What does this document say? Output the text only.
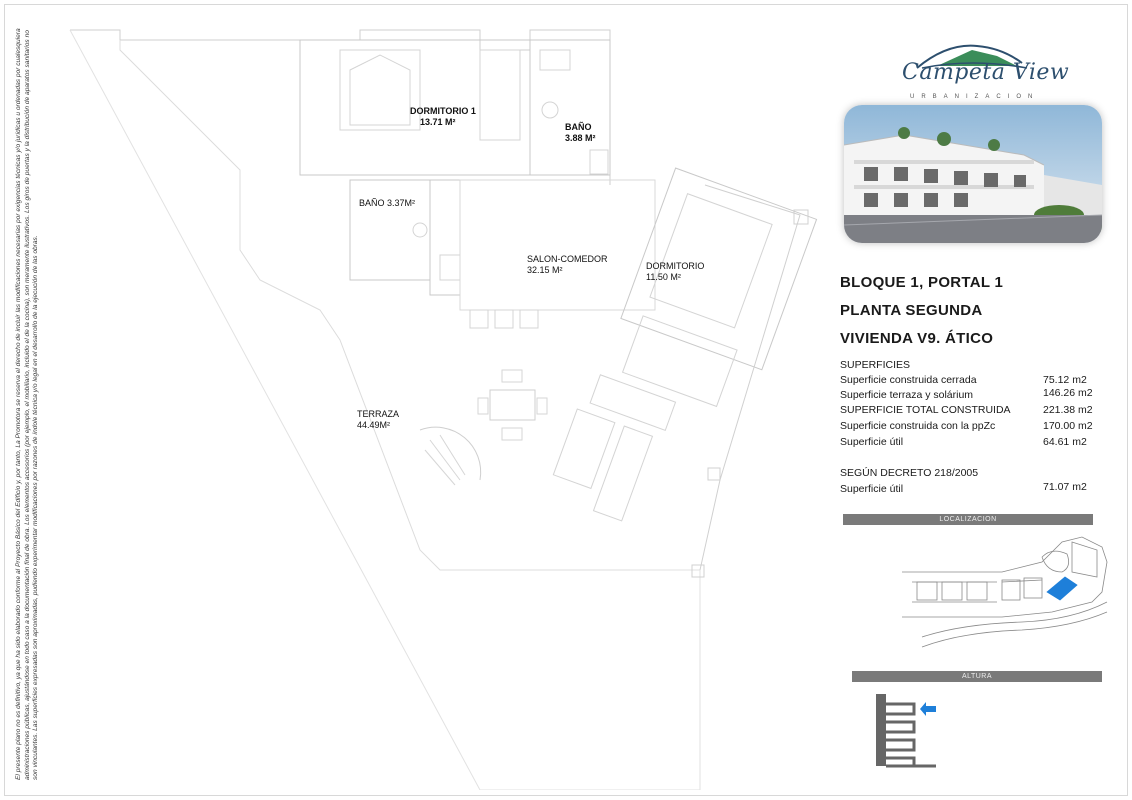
El presente plano no es definitivo, ya que ha sido elaborado conforme al Proyecto Básico del Edificio y, por tanto, La Promotora se reserva el derecho de incluir las modificaciones necesarias por exigencias técnicas y/o jurídicas u ordenadas por cualesquiera administraciones públicas, ajustándose en todo caso a la documentación final de obra. Los elementos accesorios (por ejemplo, el mobiliario, incluido el de la cocina), son meramente ilustrativos. Los giros de puertas y la distribución de aparatos sanitarios no son vinculantes. Las superficies expresadas son aproximadas, pudiendo experimentar modificaciones por razones de índole técnica y/o legal en el desarrollo de la ejecución de las obras.
DORMITORIO 1
13.71 M²	BAÑO
3.88 M²
BAÑO 3.37M²
SALON-COMEDOR
32.15 M²	DORMITORIO
11.50 M²
TERRAZA
44.49M²
Campeta View
URBANIZACION
BLOQUE 1, PORTAL 1
PLANTA SEGUNDA
VIVIENDA V9. ÁTICO
SUPERFICIES
Superficie construida cerrada	75.12 m2
Superficie terraza y solárium	146.26 m2
SUPERFICIE TOTAL CONSTRUIDA	221.38 m2
Superficie construida con la ppZc	170.00 m2
Superficie útil	64.61 m2
SEGÚN DECRETO 218/2005
Superficie útil	71.07 m2
LOCALIZACION
ALTURA
